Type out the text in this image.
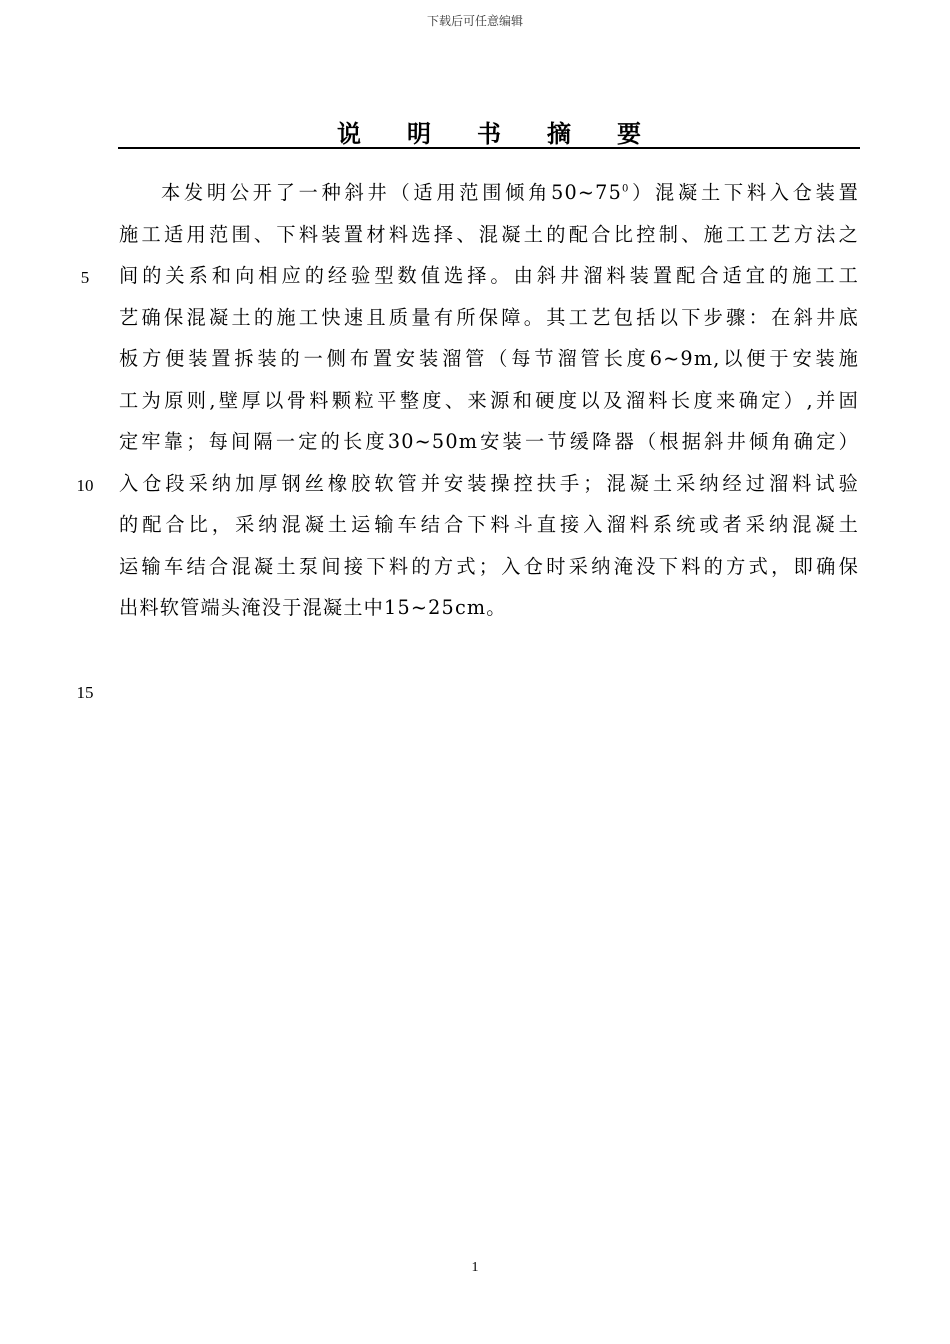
下载后可任意编辑
说明书摘要
本发明公开了一种斜井（适用范围倾角$50\sim 75^0$）混凝土下料入仓装置
施工适用范围、下料装置材料选择、混凝土的配合比控制、施工工艺方法之
间的关系和向相应的经验型数值选择。由斜井溜料装置配合适宜的施工工
艺确保混凝土的施工快速且质量有所保障。其工艺包括以下步骤：在斜井底
板方便装置拆装的一侧布置安装溜管（每节溜管长度6~9m,以便于安装施
工为原则,壁厚以骨料颗粒平整度、来源和硬度以及溜料长度来确定）,并固
定牢靠；每间隔一定的长度30~50m安装一节缓降器（根据斜井倾角确定）
入仓段采纳加厚钢丝橡胶软管并安装操控扶手；混凝土采纳经过溜料试验
的配合比，采纳混凝土运输车结合下料斗直接入溜料系统或者采纳混凝土
运输车结合混凝土泵间接下料的方式；入仓时采纳淹没下料的方式，即确保
出料软管端头淹没于混凝土中15~25cm。
5
10
15
1
